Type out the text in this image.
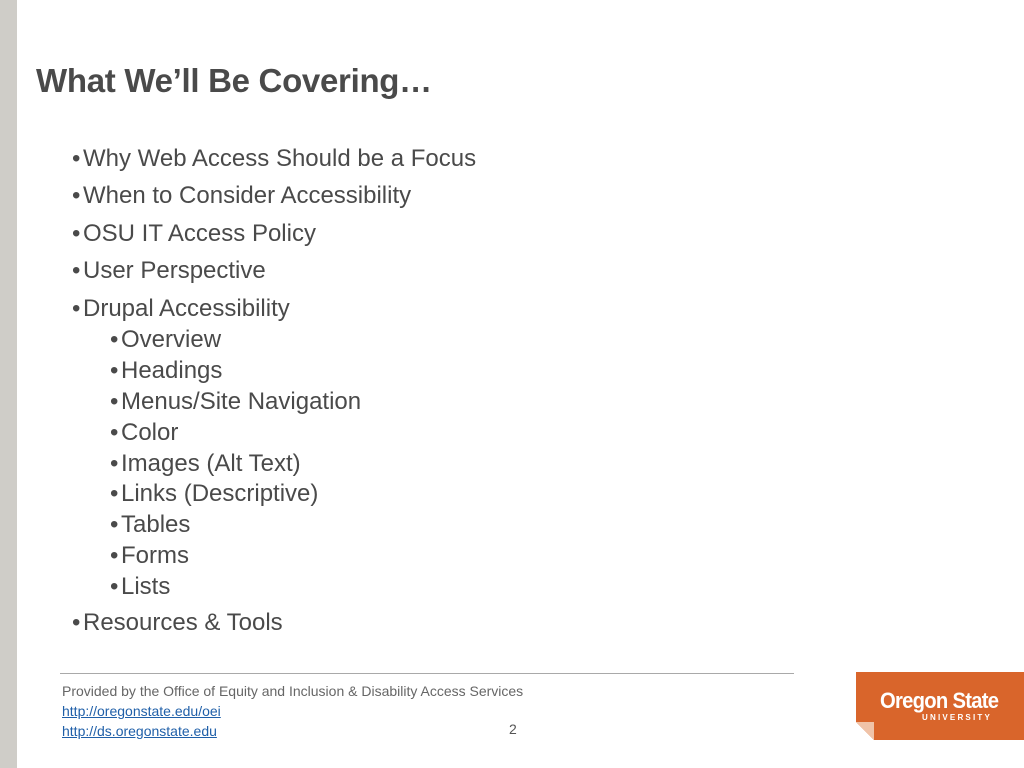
What We’ll Be Covering…
• Why Web Access Should be a Focus
• When to Consider Accessibility
• OSU IT Access Policy
• User Perspective
• Drupal Accessibility
• Overview
• Headings
• Menus/Site Navigation
• Color
• Images (Alt Text)
• Links (Descriptive)
• Tables
• Forms
• Lists
• Resources & Tools
Provided by the Office of Equity and Inclusion & Disability Access Services
http://oregonstate.edu/oei
http://ds.oregonstate.edu	2
Oregon State
UNIVERSITY
